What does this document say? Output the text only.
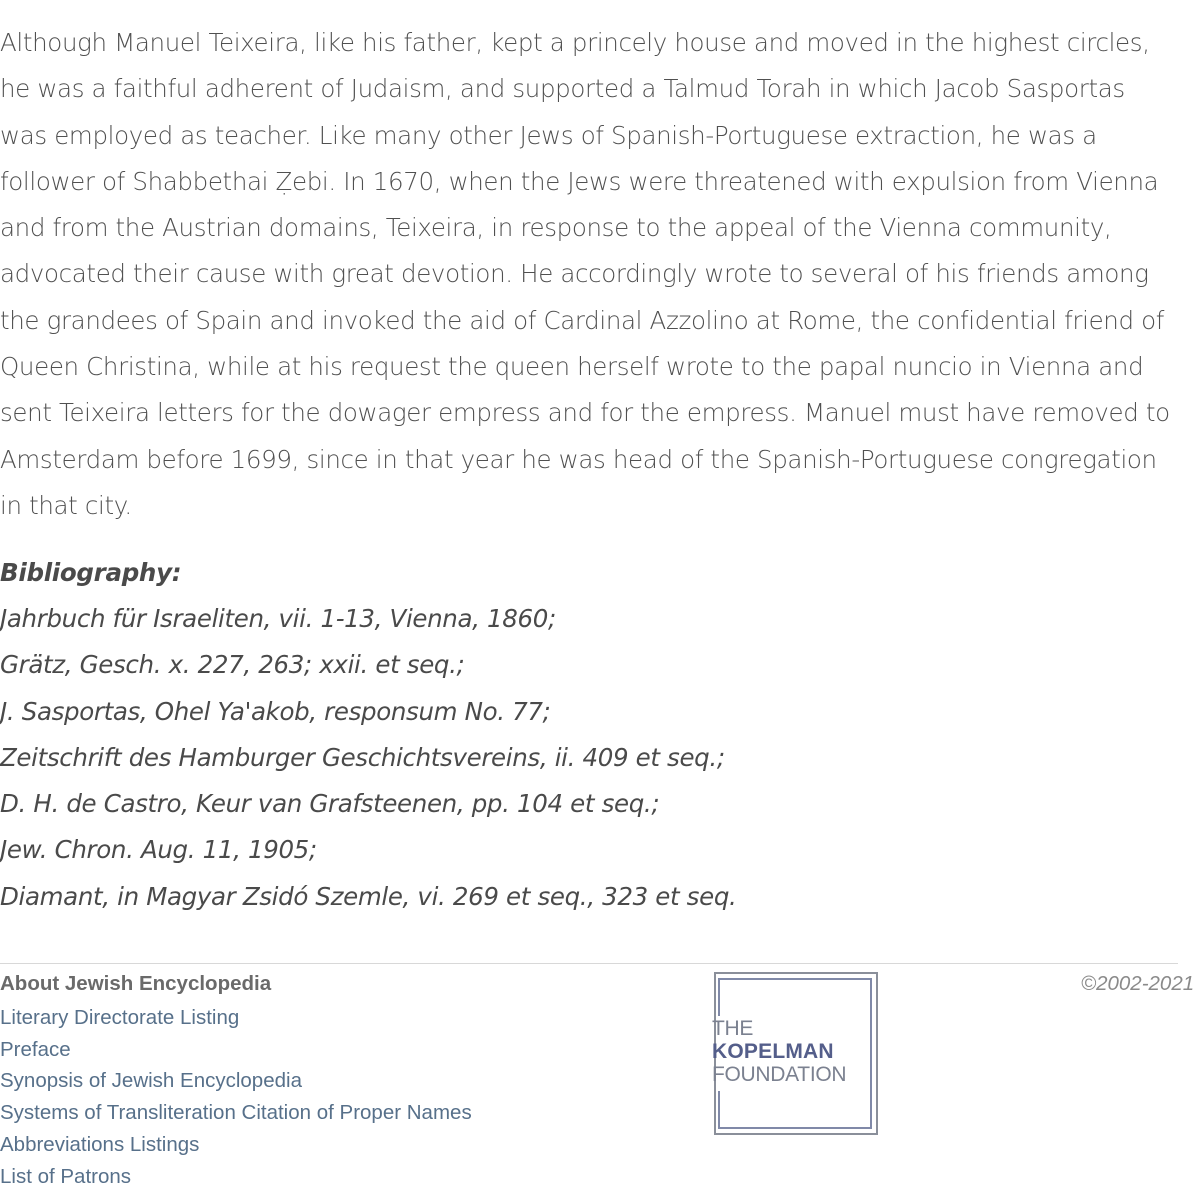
Although Manuel Teixeira, like his father, kept a princely house and moved in the highest circles, he was a faithful adherent of Judaism, and supported a Talmud Torah in which Jacob Sasportas was employed as teacher. Like many other Jews of Spanish-Portuguese extraction, he was a follower of Shabbethai Ẓebi. In 1670, when the Jews were threatened with expulsion from Vienna and from the Austrian domains, Teixeira, in response to the appeal of the Vienna community, advocated their cause with great devotion. He accordingly wrote to several of his friends among the grandees of Spain and invoked the aid of Cardinal Azzolino at Rome, the confidential friend of Queen Christina, while at his request the queen herself wrote to the papal nuncio in Vienna and sent Teixeira letters for the dowager empress and for the empress. Manuel must have removed to Amsterdam before 1699, since in that year he was head of the Spanish-Portuguese congregation in that city.

Bibliography:
Jahrbuch für Israeliten, vii. 1-13, Vienna, 1860;
Grätz, Gesch. x. 227, 263; xxii. et seq.;
J. Sasportas, Ohel Ya'akob, responsum No. 77;
Zeitschrift des Hamburger Geschichtsvereins, ii. 409 et seq.;
D. H. de Castro, Keur van Grafsteenen, pp. 104 et seq.;
Jew. Chron. Aug. 11, 1905;
Diamant, in Magyar Zsidó Szemle, vi. 269 et seq., 323 et seq.
About Jewish Encyclopedia
Literary Directorate Listing
Preface
Synopsis of Jewish Encyclopedia
Systems of Transliteration Citation of Proper Names
Abbreviations Listings
List of Patrons
THE
KOPELMAN
FOUNDATION
©2002-2021
